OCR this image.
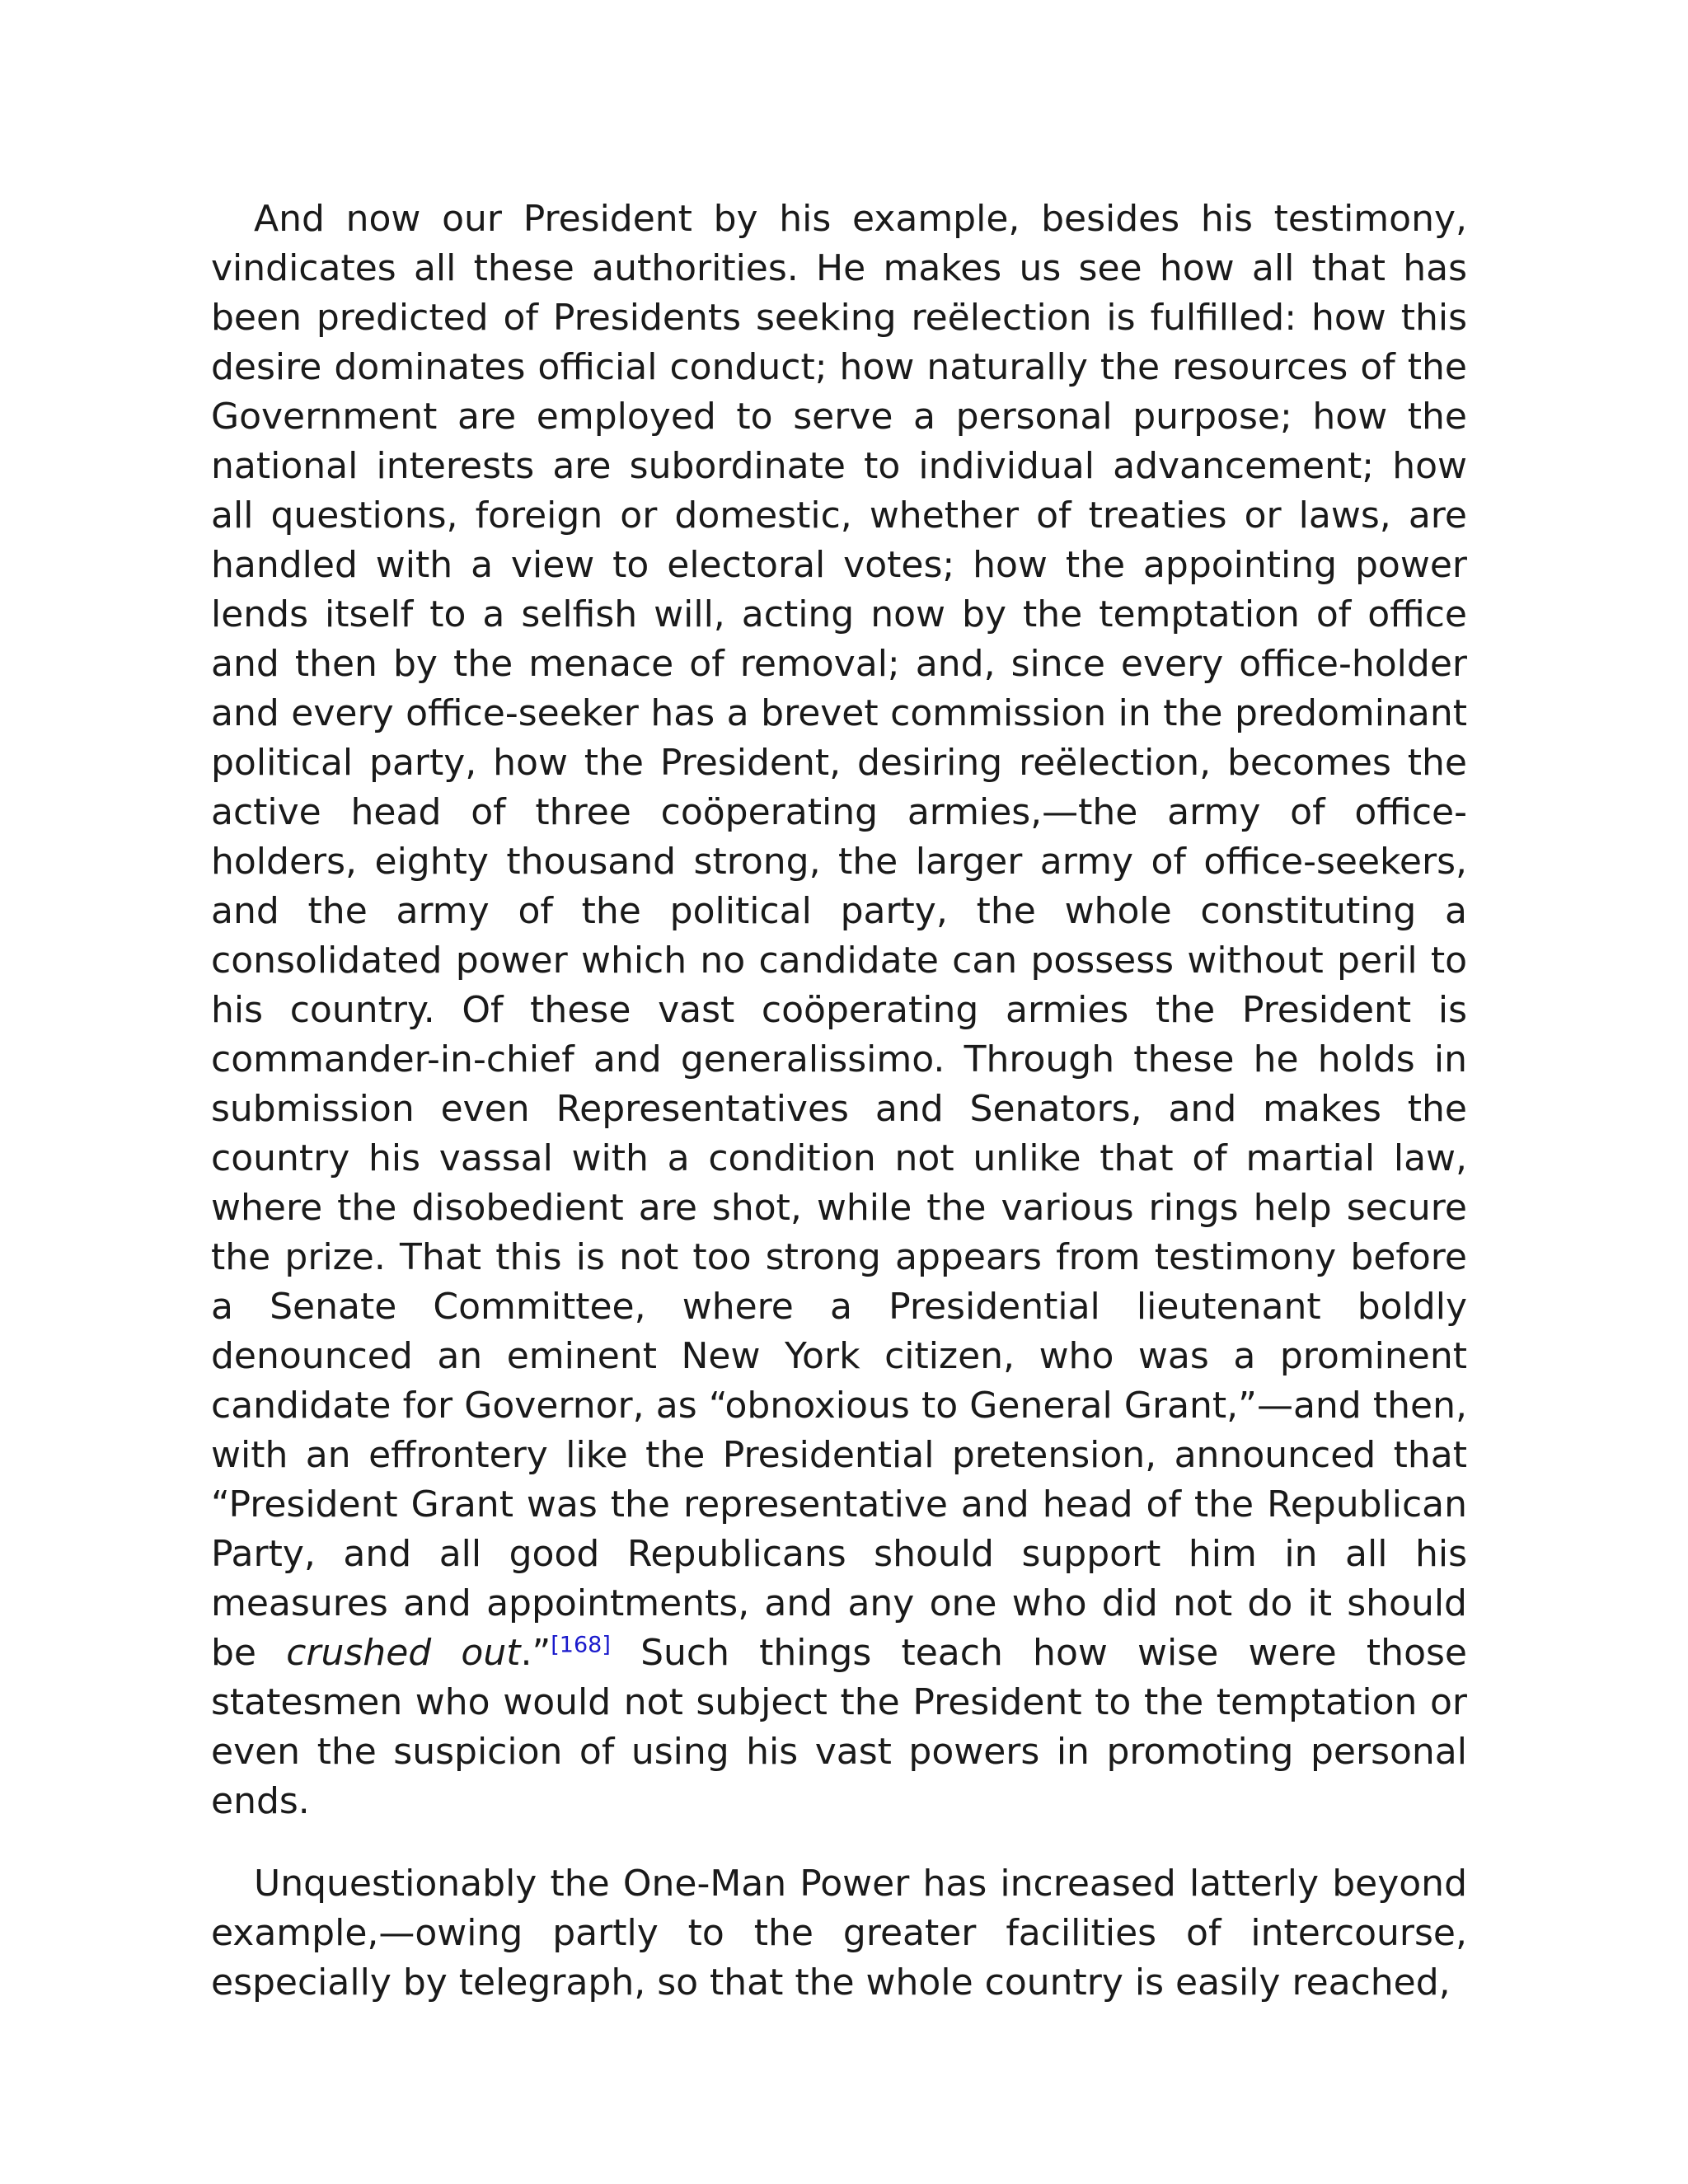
And now our President by his example, besides his testimony, vindicates all these authorities. He makes us see how all that has been predicted of Presidents seeking reëlection is fulfilled: how this desire dominates official conduct; how naturally the resources of the Government are employed to serve a personal purpose; how the national interests are subordinate to individual advancement; how all questions, foreign or domestic, whether of treaties or laws, are handled with a view to electoral votes; how the appointing power lends itself to a selfish will, acting now by the temptation of office and then by the menace of removal; and, since every office-holder and every office-seeker has a brevet commission in the predominant political party, how the President, desiring reëlection, becomes the active head of three coöperating armies,—the army of office-holders, eighty thousand strong, the larger army of office-seekers, and the army of the political party, the whole constituting a consolidated power which no candidate can possess without peril to his country. Of these vast coöperating armies the President is commander-in-chief and generalissimo. Through these he holds in submission even Representatives and Senators, and makes the country his vassal with a condition not unlike that of martial law, where the disobedient are shot, while the various rings help secure the prize. That this is not too strong appears from testimony before a Senate Committee, where a Presidential lieutenant boldly denounced an eminent New York citizen, who was a prominent candidate for Governor, as “obnoxious to General Grant,”—and then, with an effrontery like the Presidential pretension, announced that “President Grant was the representative and head of the Republican Party, and all good Republicans should support him in all his measures and appointments, and any one who did not do it should be crushed out.”[168] Such things teach how wise were those statesmen who would not subject the President to the temptation or even the suspicion of using his vast powers in promoting personal ends.

Unquestionably the One-Man Power has increased latterly beyond example,—owing partly to the greater facilities of intercourse, especially by telegraph, so that the whole country is easily reached,
